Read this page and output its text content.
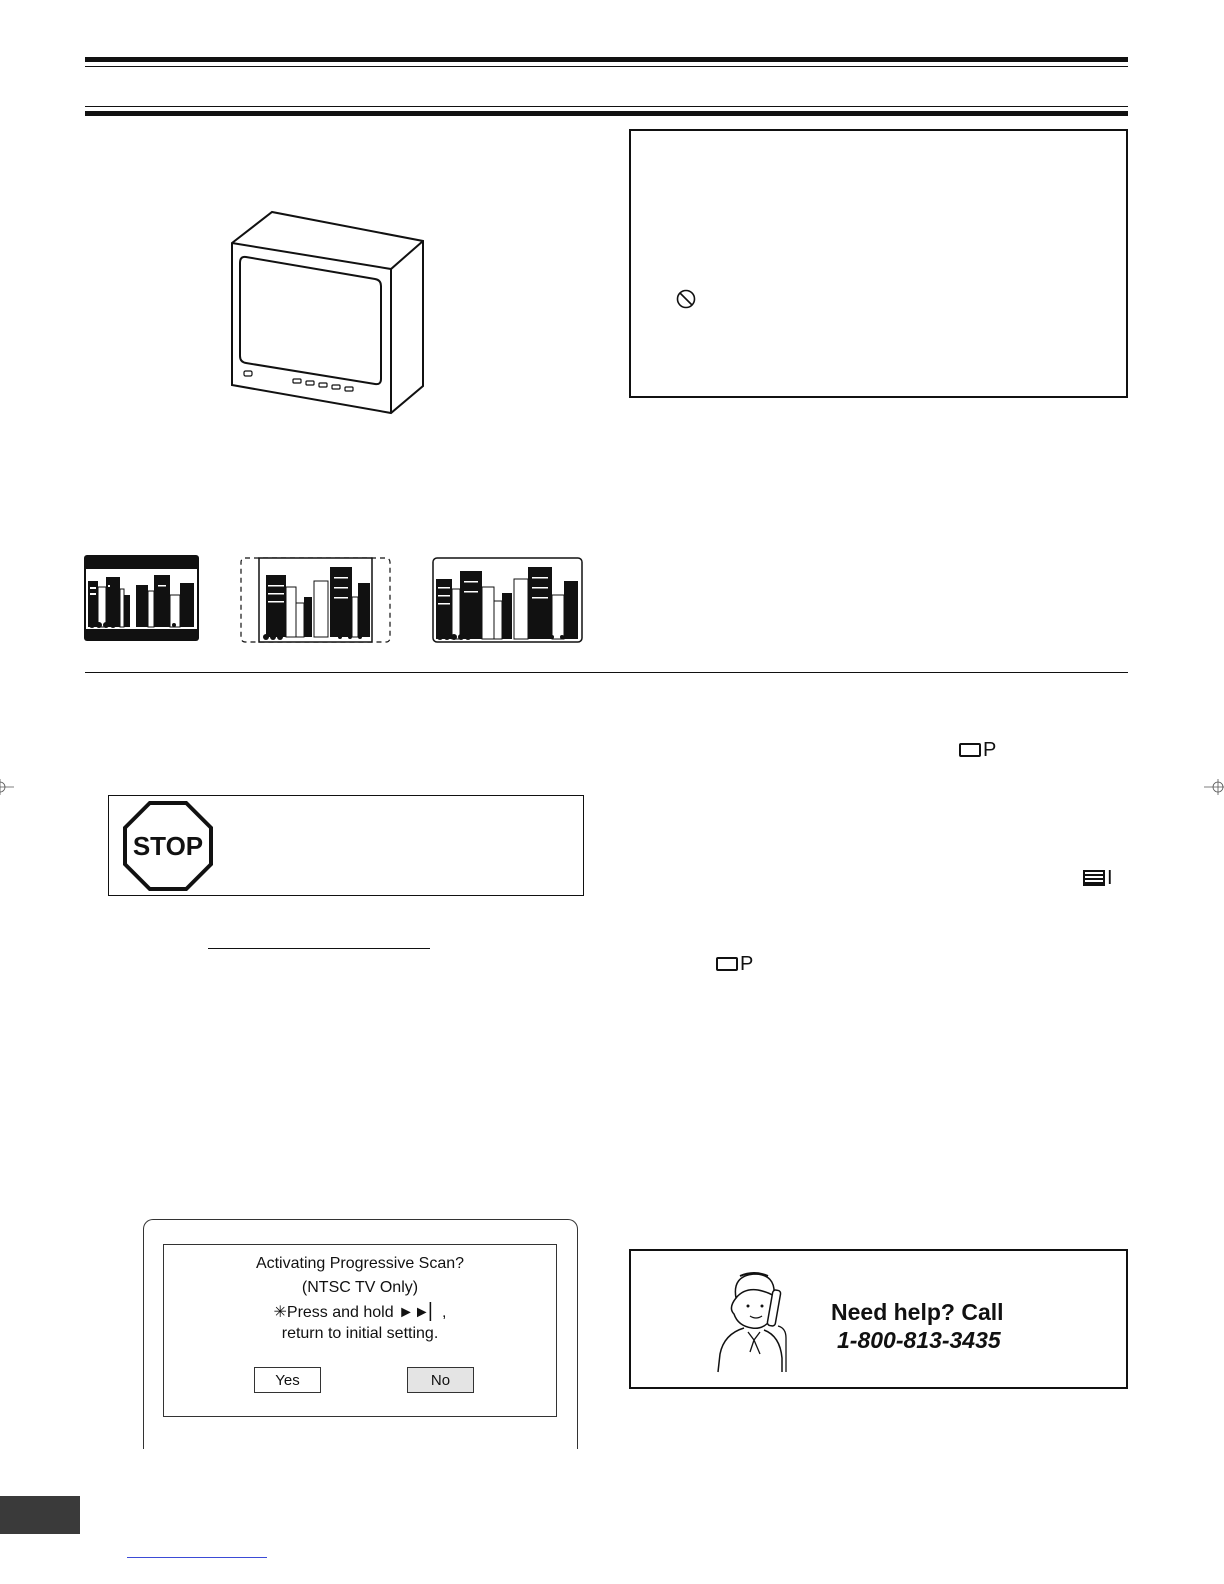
P
I
P
STOP
Activating Progressive Scan?
(NTSC TV Only)
✳Press and hold ►►▏,
return to initial setting.
Yes	No
Need help? Call
1-800-813-3435
